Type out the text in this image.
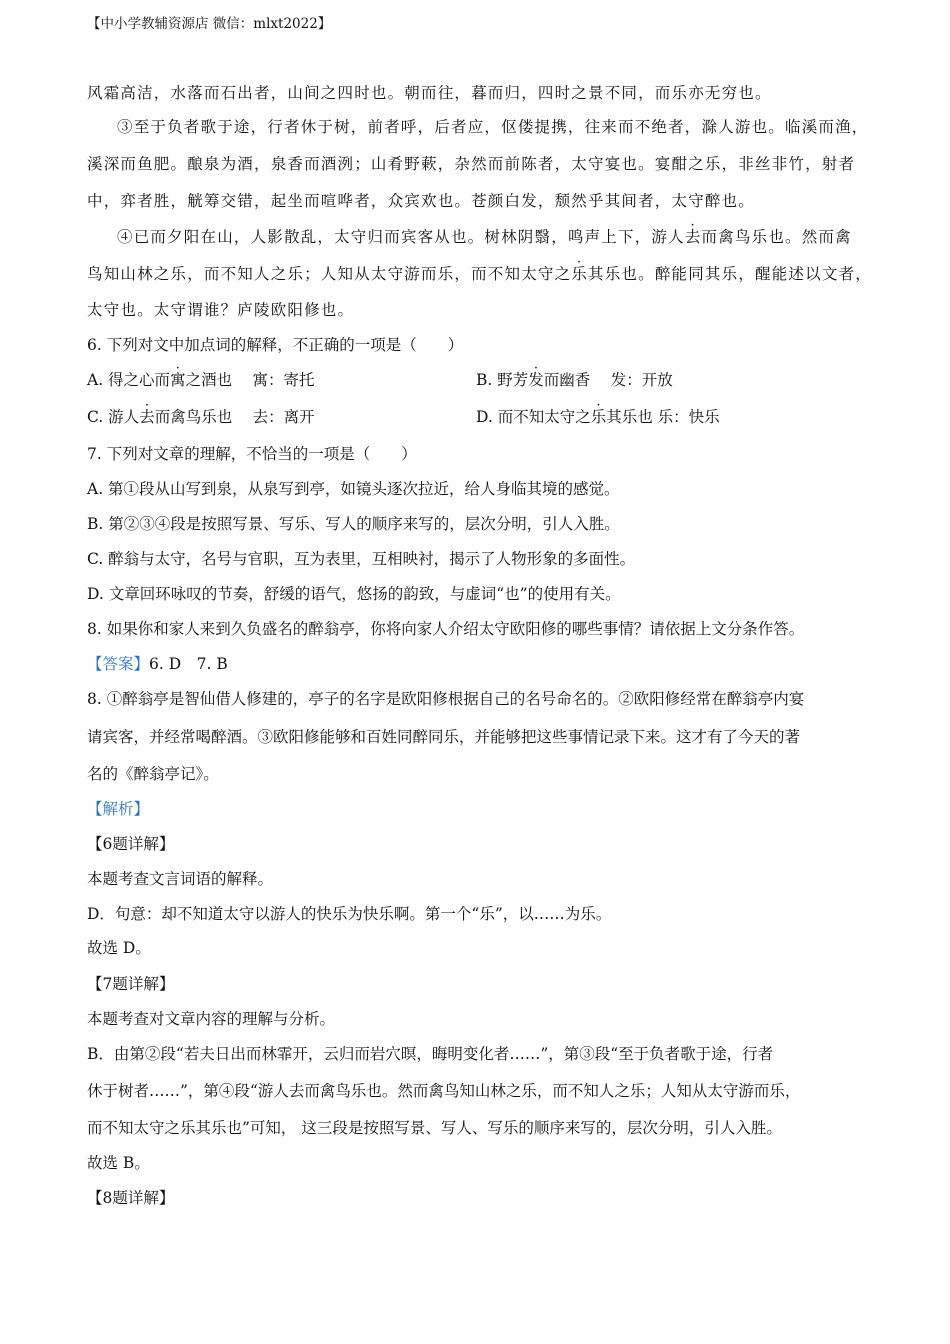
【中小学教辅资源店 微信：mlxt2022】
风霜高洁，水落而石出者，山间之四时也。朝而往，暮而归，四时之景不同，而乐亦无穷也。
③至于负者歌于途，行者休于树，前者呼，后者应，伛偻提携，往来而不绝者，滁人游也。临溪而渔，
溪深而鱼肥。酿泉为酒，泉香而酒洌；山肴野蔌，杂然而前陈者，太守宴也。宴酣之乐，非丝非竹，射者
中，弈者胜，觥筹交错，起坐而喧哗者，众宾欢也。苍颜白发，颓然乎其间者，太守醉也。
④已而夕阳在山，人影散乱，太守归而宾客从也。树林阴翳，鸣声上下，游人去而禽鸟乐也。然而禽
鸟知山林之乐，而不知人之乐；人知从太守游而乐，而不知太守之乐其乐也。醉能同其乐，醒能述以文者，
太守也。太守谓谁？庐陵欧阳修也。
6. 下列对文中加点词的解释，不正确的一项是（　　）
A. 得之心而寓之酒也　 寓：寄托	B. 野芳发而幽香　 发：开放
C. 游人去而禽鸟乐也　 去：离开	D. 而不知太守之乐其乐也 乐：快乐
7. 下列对文章的理解，不恰当的一项是（　　）
A. 第①段从山写到泉，从泉写到亭，如镜头逐次拉近，给人身临其境的感觉。
B. 第②③④段是按照写景、写乐、写人的顺序来写的，层次分明，引人入胜。
C. 醉翁与太守，名号与官职，互为表里，互相映衬，揭示了人物形象的多面性。
D. 文章回环咏叹的节奏，舒缓的语气，悠扬的韵致，与虚词“也”的使用有关。
8. 如果你和家人来到久负盛名的醉翁亭，你将向家人介绍太守欧阳修的哪些事情？请依据上文分条作答。
【答案】6. D　7. B
8. ①醉翁亭是智仙借人修建的，亭子的名字是欧阳修根据自己的名号命名的。②欧阳修经常在醉翁亭内宴
请宾客，并经常喝醉酒。③欧阳修能够和百姓同醉同乐，并能够把这些事情记录下来。这才有了今天的著
名的《醉翁亭记》。
【解析】
【6题详解】
本题考查文言词语的解释。
D．句意：却不知道太守以游人的快乐为快乐啊。第一个“乐”，以……为乐。
故选 D。
【7题详解】
本题考查对文章内容的理解与分析。
B．由第②段“若夫日出而林霏开，云归而岩穴暝，晦明变化者……”，第③段“至于负者歌于途，行者
休于树者……”，第④段“游人去而禽鸟乐也。然而禽鸟知山林之乐，而不知人之乐；人知从太守游而乐，
而不知太守之乐其乐也”可知， 这三段是按照写景、写人、写乐的顺序来写的，层次分明，引人入胜。
故选 B。
【8题详解】
